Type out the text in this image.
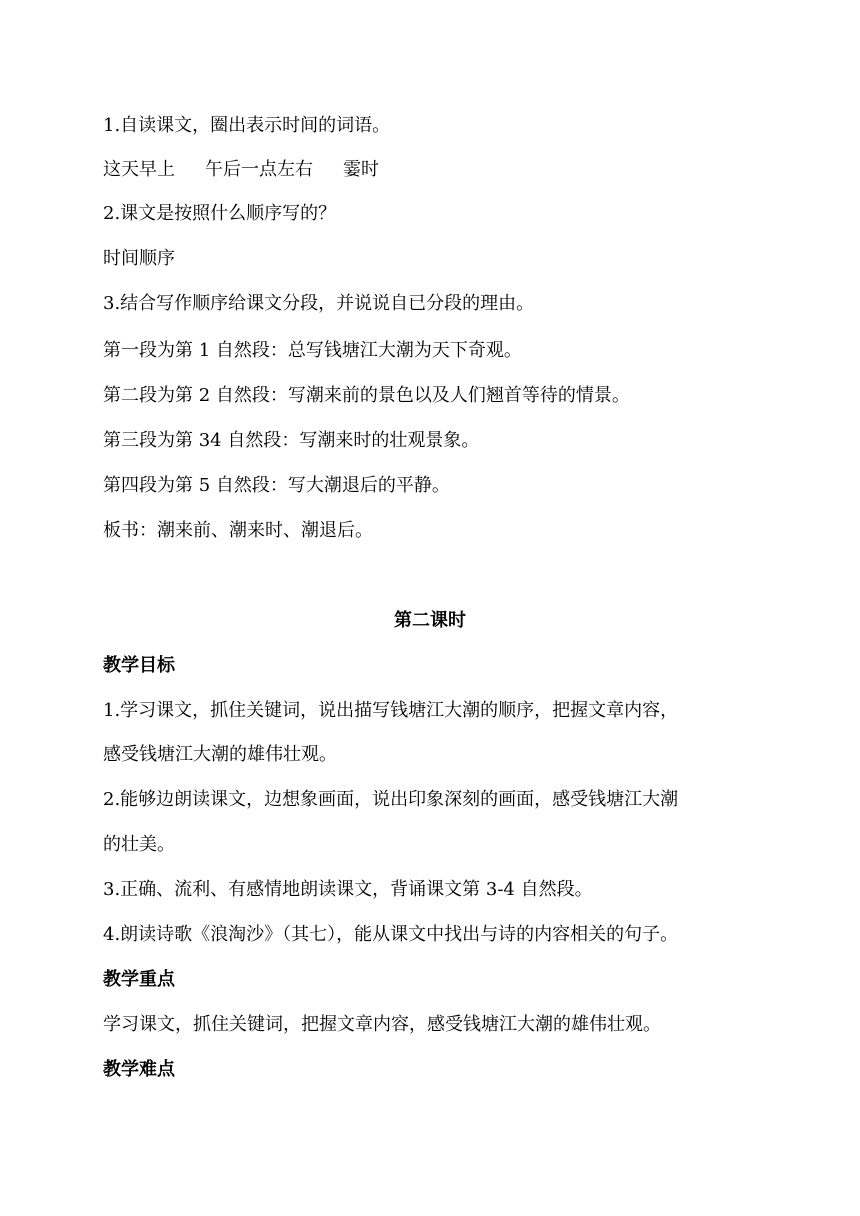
1.自读课文，圈出表示时间的词语。
这天早上 午后一点左右 霎时
2.课文是按照什么顺序写的？
时间顺序
3.结合写作顺序给课文分段，并说说自已分段的理由。
第一段为第 1 自然段：总写钱塘江大潮为天下奇观。
第二段为第 2 自然段：写潮来前的景色以及人们翘首等待的情景。
第三段为第 34 自然段：写潮来时的壮观景象。
第四段为第 5 自然段：写大潮退后的平静。
板书：潮来前、潮来时、潮退后。
第二课时
教学目标
1.学习课文，抓住关键词，说出描写钱塘江大潮的顺序，把握文章内容，
感受钱塘江大潮的雄伟壮观。
2.能够边朗读课文，边想象画面，说出印象深刻的画面，感受钱塘江大潮
的壮美。
3.正确、流利、有感情地朗读课文，背诵课文第 3-4 自然段。
4.朗读诗歌《浪淘沙》（其七），能从课文中找出与诗的内容相关的句子。
教学重点
学习课文，抓住关键词，把握文章内容，感受钱塘江大潮的雄伟壮观。
教学难点
